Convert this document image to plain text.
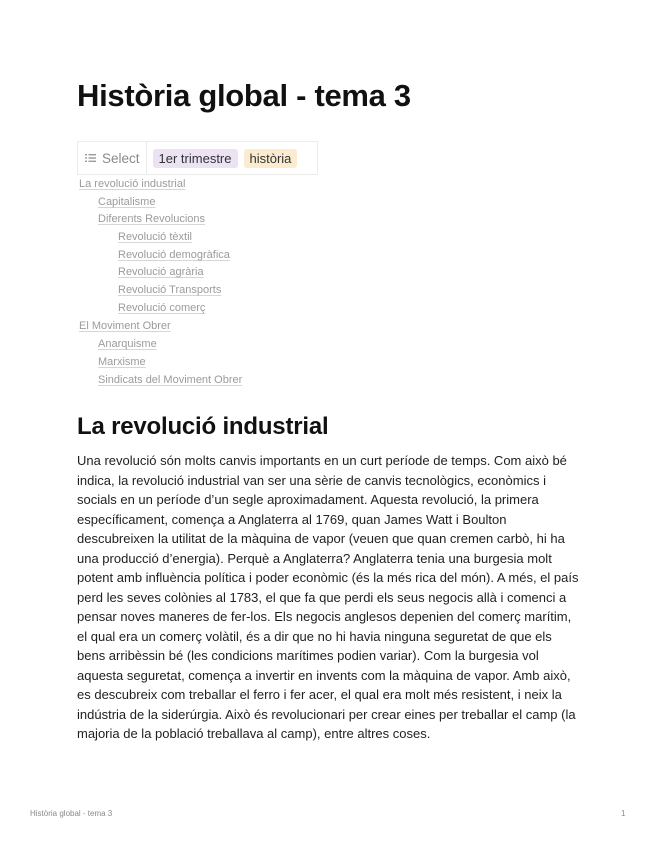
Història global - tema 3
Select	1er trimestre	història
La revolució industrial
Capitalisme
Diferents Revolucions
Revolució tèxtil
Revolució demogràfica
Revolució agrària
Revolució Transports
Revolució comerç
El Moviment Obrer
Anarquisme
Marxisme
Sindicats del Moviment Obrer
La revolució industrial

Una revolució són molts canvis importants en un curt període de temps. Com això bé indica, la revolució industrial van ser una sèrie de canvis tecnològics, econòmics i socials en un període d’un segle aproximadament. Aquesta revolució, la primera específicament, comença a Anglaterra al 1769, quan James Watt i Boulton descubreixen la utilitat de la màquina de vapor (veuen que quan cremen carbò, hi ha una producció d’energia). Perquè a Anglaterra? Anglaterra tenia una burgesia molt potent amb influència política i poder econòmic (és la més rica del món). A més, el país perd les seves colònies al 1783, el que fa que perdi els seus negocis allà i comenci a pensar noves maneres de fer-los. Els negocis anglesos depenien del comerç marítim, el qual era un comerç volàtil, és a dir que no hi havia ninguna seguretat de que els bens arribèssin bé (les condicions marítimes podien variar). Com la burgesia vol aquesta seguretat, comença a invertir en invents com la màquina de vapor. Amb això, es descubreix com treballar el ferro i fer acer, el qual era molt més resistent, i neix la indústria de la siderúrgia. Això és revolucionari per crear eines per treballar el camp (la majoria de la població treballava al camp), entre altres coses.

Història global - tema 3	1
